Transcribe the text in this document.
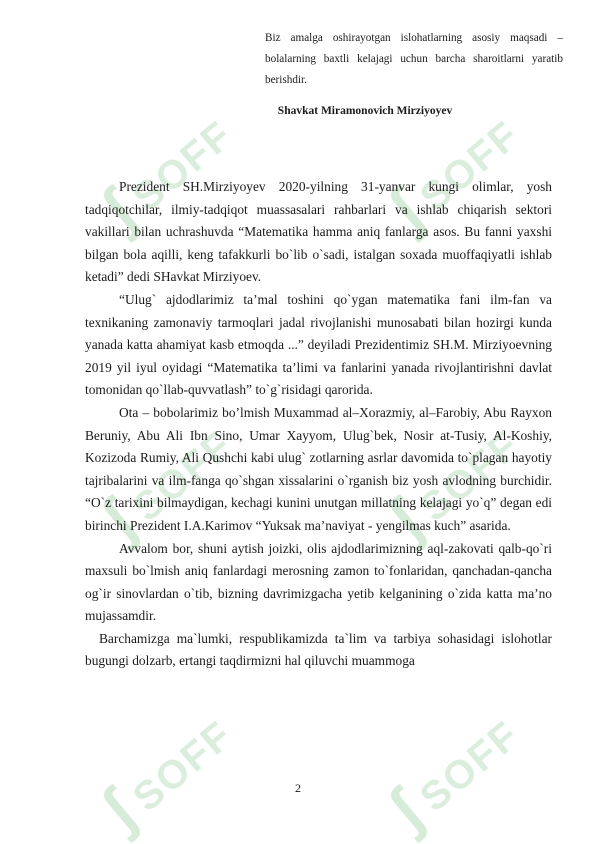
ʃSOFF ʃSOFF
ʃSOFF ʃSOFF
ʃSOFF ʃSOFF
Biz amalga oshirayotgan islohatlarning asosiy maqsadi – bolalarning baxtli kelajagi uchun barcha sharoitlarni yaratib berishdir.
Shavkat Miramonovich Mirziyoyev

Prezident SH.Mirziyoyev 2020-yilning 31-yanvar kungi olimlar, yosh tadqiqotchilar, ilmiy-tadqiqot muassasalari rahbarlari va ishlab chiqarish sektori vakillari bilan uchrashuvda “Matematika hamma aniq fanlarga asos. Bu fanni yaxshi bilgan bola aqilli, keng tafakkurli bo`lib o`sadi, istalgan soxada muoffaqiyatli ishlab ketadi” dedi SHavkat Mirziyoev.

“Ulug` ajdodlarimiz ta’mal toshini qo`ygan matematika fani ilm-fan va texnikaning zamonaviy tarmoqlari jadal rivojlanishi munosabati bilan hozirgi kunda yanada katta ahamiyat kasb etmoqda ...” deyiladi Prezidentimiz SH.M. Mirziyoevning 2019 yil iyul oyidagi “Matematika ta’limi va fanlarini yanada rivojlantirishni davlat tomonidan qo`llab-quvvatlash” to`g`risidagi qarorida.

Ota – bobolarimiz bo’lmish Muxammad al–Xorazmiy, al–Farobiy, Abu Rayxon Beruniy, Abu Ali Ibn Sino, Umar Xayyom, Ulug`bek, Nosir at-Tusiy, Al-Koshiy, Kozizoda Rumiy, Ali Qushchi kabi ulug` zotlarning asrlar davomida to`plagan hayotiy tajribalarini va ilm-fanga qo`shgan xissalarini o`rganish biz yosh avlodning burchidir. “O`z tarixini bilmaydigan, kechagi kunini unutgan millatning kelajagi yo`q” degan edi birinchi Prezident I.A.Karimov “Yuksak ma’naviyat - yengilmas kuch” asarida.

Avvalom bor, shuni aytish joizki, olis ajdodlarimizning aql-zakovati qalb-qo`ri maxsuli bo`lmish aniq fanlardagi merosning zamon to`fonlaridan, qanchadan-qancha og`ir sinovlardan o`tib, bizning davrimizgacha yetib kelganining o`zida katta ma’no mujassamdir.

Barchamizga ma`lumki, respublikamizda ta`lim va tarbiya sohasidagi islohotlar bugungi dolzarb, ertangi taqdirmizni hal qiluvchi muammoga

2
